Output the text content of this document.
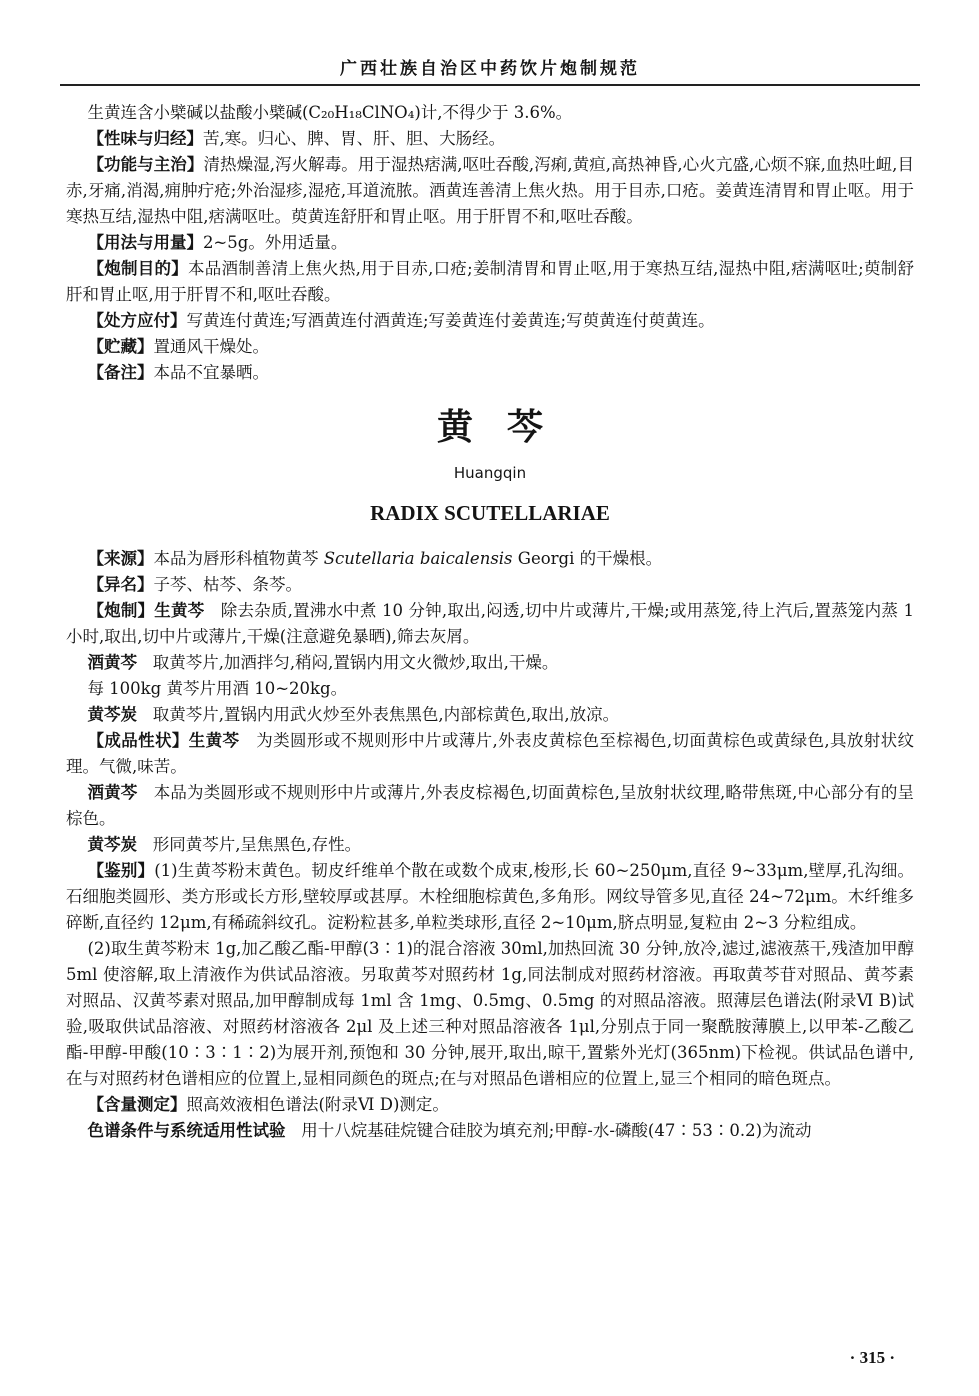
广西壮族自治区中药饮片炮制规范

生黄连含小檗碱以盐酸小檗碱(C₂₀H₁₈ClNO₄)计,不得少于 3.6%。

【性味与归经】苦,寒。归心、脾、胃、肝、胆、大肠经。

【功能与主治】清热燥湿,泻火解毒。用于湿热痞满,呕吐吞酸,泻痢,黄疸,高热神昏,心火亢盛,心烦不寐,血热吐衄,目赤,牙痛,消渴,痈肿疔疮;外治湿疹,湿疮,耳道流脓。酒黄连善清上焦火热。用于目赤,口疮。姜黄连清胃和胃止呕。用于寒热互结,湿热中阻,痞满呕吐。萸黄连舒肝和胃止呕。用于肝胃不和,呕吐吞酸。

【用法与用量】2~5g。外用适量。

【炮制目的】本品酒制善清上焦火热,用于目赤,口疮;姜制清胃和胃止呕,用于寒热互结,湿热中阻,痞满呕吐;萸制舒肝和胃止呕,用于肝胃不和,呕吐吞酸。

【处方应付】写黄连付黄连;写酒黄连付酒黄连;写姜黄连付姜黄连;写萸黄连付萸黄连。

【贮藏】置通风干燥处。

【备注】本品不宜暴晒。

黄芩

Huangqin

RADIX SCUTELLARIAE

【来源】本品为唇形科植物黄芩 Scutellaria baicalensis Georgi 的干燥根。

【异名】子芩、枯芩、条芩。

【炮制】生黄芩 除去杂质,置沸水中煮 10 分钟,取出,闷透,切中片或薄片,干燥;或用蒸笼,待上汽后,置蒸笼内蒸 1 小时,取出,切中片或薄片,干燥(注意避免暴晒),筛去灰屑。

酒黄芩 取黄芩片,加酒拌匀,稍闷,置锅内用文火微炒,取出,干燥。

每 100kg 黄芩片用酒 10~20kg。

黄芩炭 取黄芩片,置锅内用武火炒至外表焦黑色,内部棕黄色,取出,放凉。

【成品性状】生黄芩 为类圆形或不规则形中片或薄片,外表皮黄棕色至棕褐色,切面黄棕色或黄绿色,具放射状纹理。气微,味苦。

酒黄芩 本品为类圆形或不规则形中片或薄片,外表皮棕褐色,切面黄棕色,呈放射状纹理,略带焦斑,中心部分有的呈棕色。

黄芩炭 形同黄芩片,呈焦黑色,存性。

【鉴别】(1)生黄芩粉末黄色。韧皮纤维单个散在或数个成束,梭形,长 60~250μm,直径 9~33μm,壁厚,孔沟细。石细胞类圆形、类方形或长方形,壁较厚或甚厚。木栓细胞棕黄色,多角形。网纹导管多见,直径 24~72μm。木纤维多碎断,直径约 12μm,有稀疏斜纹孔。淀粉粒甚多,单粒类球形,直径 2~10μm,脐点明显,复粒由 2~3 分粒组成。

(2)取生黄芩粉末 1g,加乙酸乙酯-甲醇(3∶1)的混合溶液 30ml,加热回流 30 分钟,放冷,滤过,滤液蒸干,残渣加甲醇 5ml 使溶解,取上清液作为供试品溶液。另取黄芩对照药材 1g,同法制成对照药材溶液。再取黄芩苷对照品、黄芩素对照品、汉黄芩素对照品,加甲醇制成每 1ml 含 1mg、0.5mg、0.5mg 的对照品溶液。照薄层色谱法(附录Ⅵ B)试验,吸取供试品溶液、对照药材溶液各 2μl 及上述三种对照品溶液各 1μl,分别点于同一聚酰胺薄膜上,以甲苯-乙酸乙酯-甲醇-甲酸(10∶3∶1∶2)为展开剂,预饱和 30 分钟,展开,取出,晾干,置紫外光灯(365nm)下检视。供试品色谱中,在与对照药材色谱相应的位置上,显相同颜色的斑点;在与对照品色谱相应的位置上,显三个相同的暗色斑点。

【含量测定】照高效液相色谱法(附录Ⅵ D)测定。

色谱条件与系统适用性试验 用十八烷基硅烷键合硅胶为填充剂;甲醇-水-磷酸(47∶53∶0.2)为流动

· 315 ·
